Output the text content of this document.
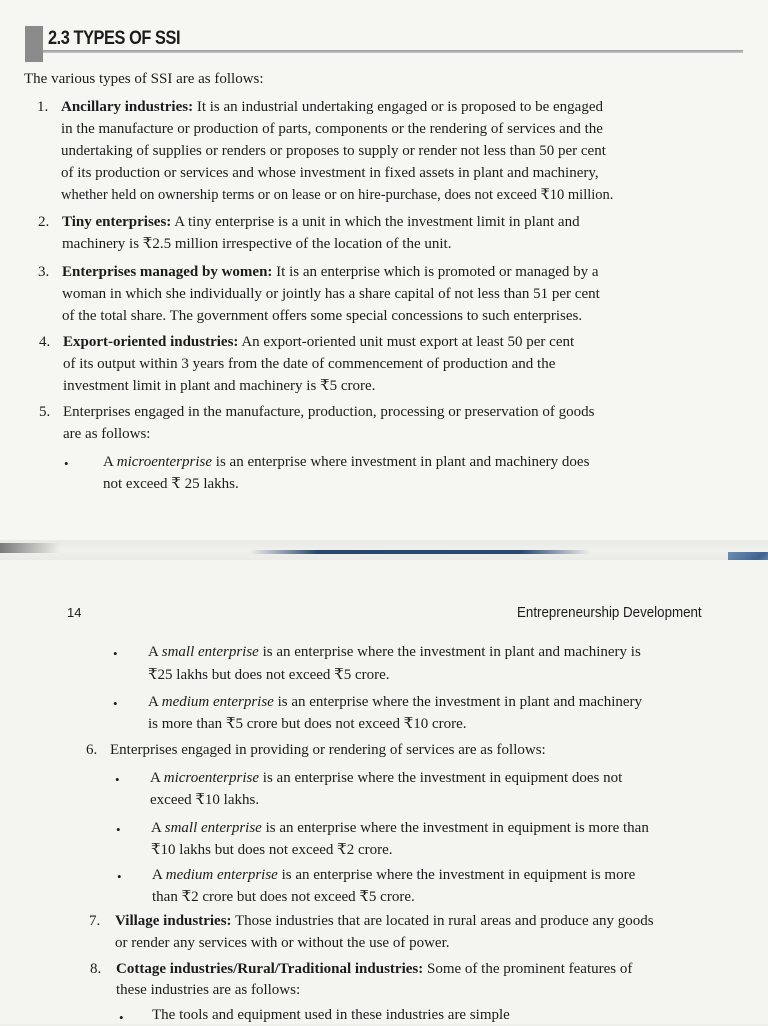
2.3 TYPES OF SSI
The various types of SSI are as follows:
1. Ancillary industries: It is an industrial undertaking engaged or is proposed to be engaged
in the manufacture or production of parts, components or the rendering of services and the
undertaking of supplies or renders or proposes to supply or render not less than 50 per cent
of its production or services and whose investment in fixed assets in plant and machinery,
whether held on ownership terms or on lease or on hire-purchase, does not exceed ₹10 million.
2. Tiny enterprises: A tiny enterprise is a unit in which the investment limit in plant and
machinery is ₹2.5 million irrespective of the location of the unit.
3. Enterprises managed by women: It is an enterprise which is promoted or managed by a
woman in which she individually or jointly has a share capital of not less than 51 per cent
of the total share. The government offers some special concessions to such enterprises.
4. Export-oriented industries: An export-oriented unit must export at least 50 per cent
of its output within 3 years from the date of commencement of production and the
investment limit in plant and machinery is ₹5 crore.
5. Enterprises engaged in the manufacture, production, processing or preservation of goods
are as follows:
• A microenterprise is an enterprise where investment in plant and machinery does
not exceed ₹ 25 lakhs.
14	Entrepreneurship Development
• A small enterprise is an enterprise where the investment in plant and machinery is
₹25 lakhs but does not exceed ₹5 crore.
• A medium enterprise is an enterprise where the investment in plant and machinery
is more than ₹5 crore but does not exceed ₹10 crore.
6. Enterprises engaged in providing or rendering of services are as follows:
• A microenterprise is an enterprise where the investment in equipment does not
exceed ₹10 lakhs.
• A small enterprise is an enterprise where the investment in equipment is more than
₹10 lakhs but does not exceed ₹2 crore.
• A medium enterprise is an enterprise where the investment in equipment is more
than ₹2 crore but does not exceed ₹5 crore.
7. Village industries: Those industries that are located in rural areas and produce any goods
or render any services with or without the use of power.
8. Cottage industries/Rural/Traditional industries: Some of the prominent features of
these industries are as follows:
• The tools and equipment used in these industries are simple
